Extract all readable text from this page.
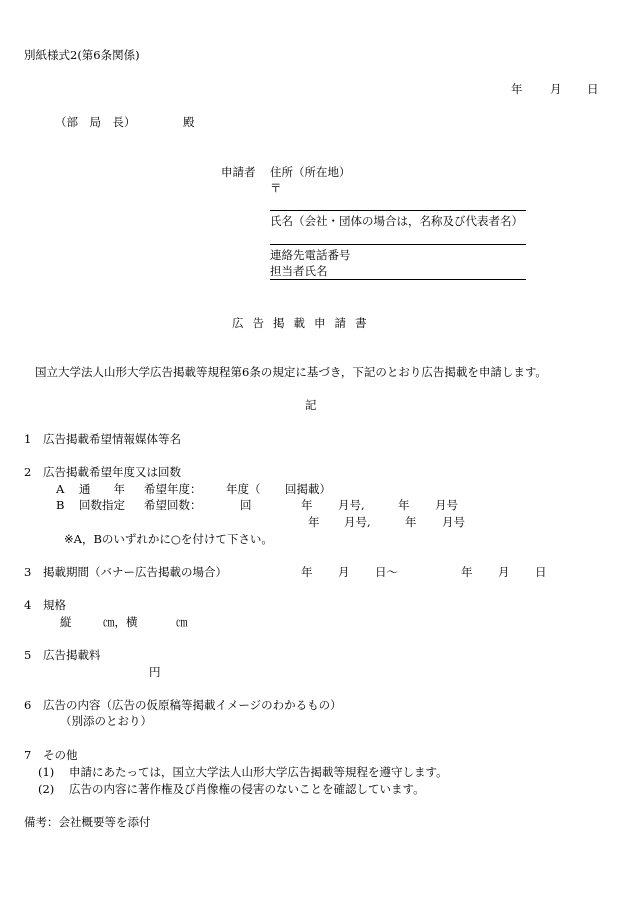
別紙様式2(第6条関係)
年 月 日
（部　局　長）	殿
申請者 住所（所在地）
〒
氏名（会社・団体の場合は，名称及び代表者名）
連絡先電話番号
担当者氏名
広告掲載申請書
国立大学法人山形大学広告掲載等規程第6条の規定に基づき，下記のとおり広告掲載を申請します。
記
1 広告掲載希望情報媒体等名
2 広告掲載希望年度又は回数
A 通　　年 希望年度： 年度（ 回掲載）
B 回数指定 希望回数：	回	年 月号,	年 月号
年 月号,	年 月号
※A，Bのいずれかに○を付けて下さい。
3 掲載期間（バナー広告掲載の場合）	年 月 日～	年 月 日
4 規格
縦	㎝，横	㎝
5 広告掲載料
円
6 広告の内容（広告の仮原稿等掲載イメージのわかるもの）
（別添のとおり）
7 その他
(1) 申請にあたっては，国立大学法人山形大学広告掲載等規程を遵守します。
(2) 広告の内容に著作権及び肖像権の侵害のないことを確認しています。
備考：会社概要等を添付
